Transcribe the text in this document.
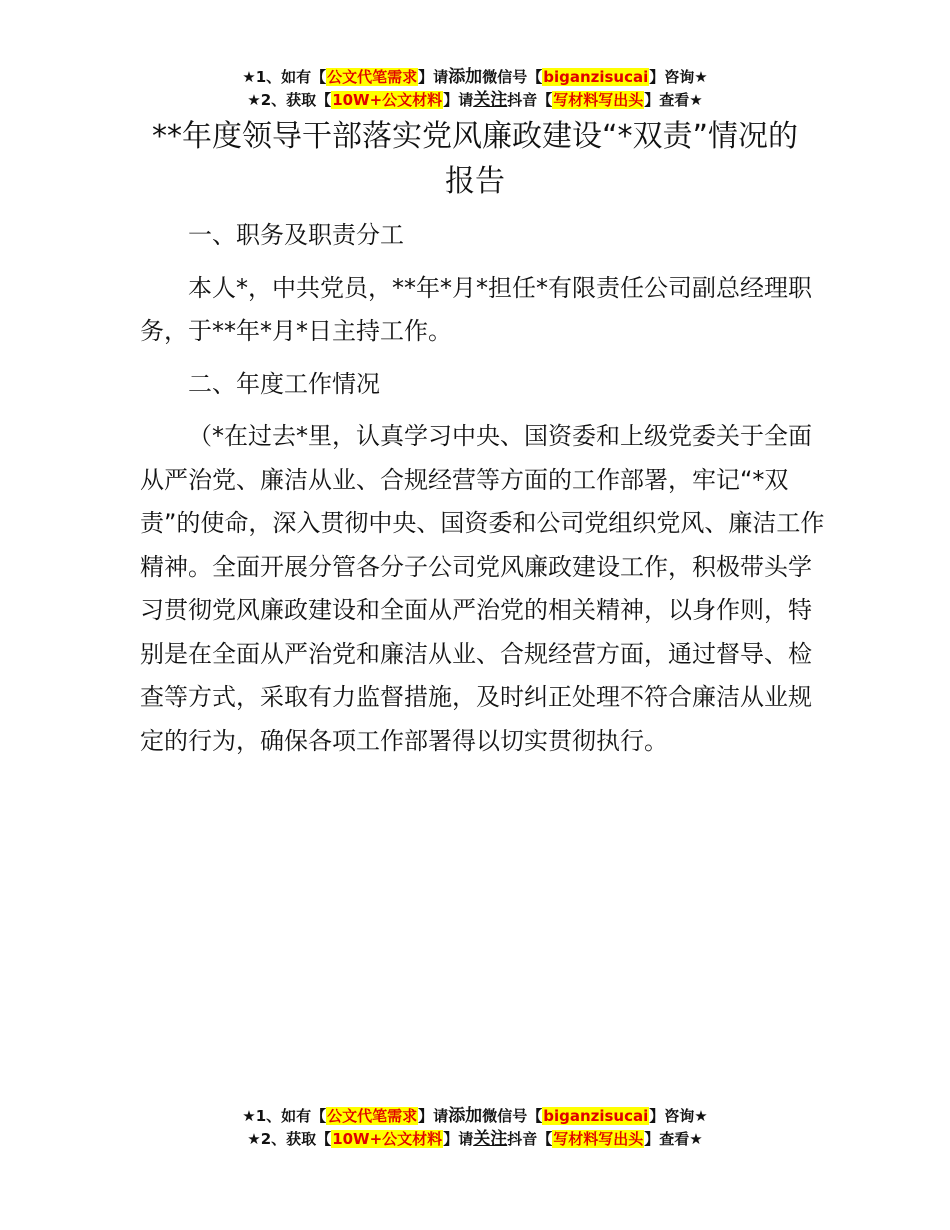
★1、如有【公文代笔需求】请添加微信号【biganzisucai】咨询★
★2、获取【10W+公文材料】请关注抖音【写材料写出头】查看★
**年度领导干部落实党风廉政建设“*双责”情况的报告

一、职务及职责分工

本人*，中共党员，**年*月*担任*有限责任公司副总经理职务，于**年*月*日主持工作。

二、年度工作情况

（*在过去*里，认真学习中央、国资委和上级党委关于全面从严治党、廉洁从业、合规经营等方面的工作部署，牢记“*双责”的使命，深入贯彻中央、国资委和公司党组织党风、廉洁工作精神。全面开展分管各分子公司党风廉政建设工作，积极带头学习贯彻党风廉政建设和全面从严治党的相关精神，以身作则，特别是在全面从严治党和廉洁从业、合规经营方面，通过督导、检查等方式，采取有力监督措施，及时纠正处理不符合廉洁从业规定的行为，确保各项工作部署得以切实贯彻执行。

★1、如有【公文代笔需求】请添加微信号【biganzisucai】咨询★
★2、获取【10W+公文材料】请关注抖音【写材料写出头】查看★
